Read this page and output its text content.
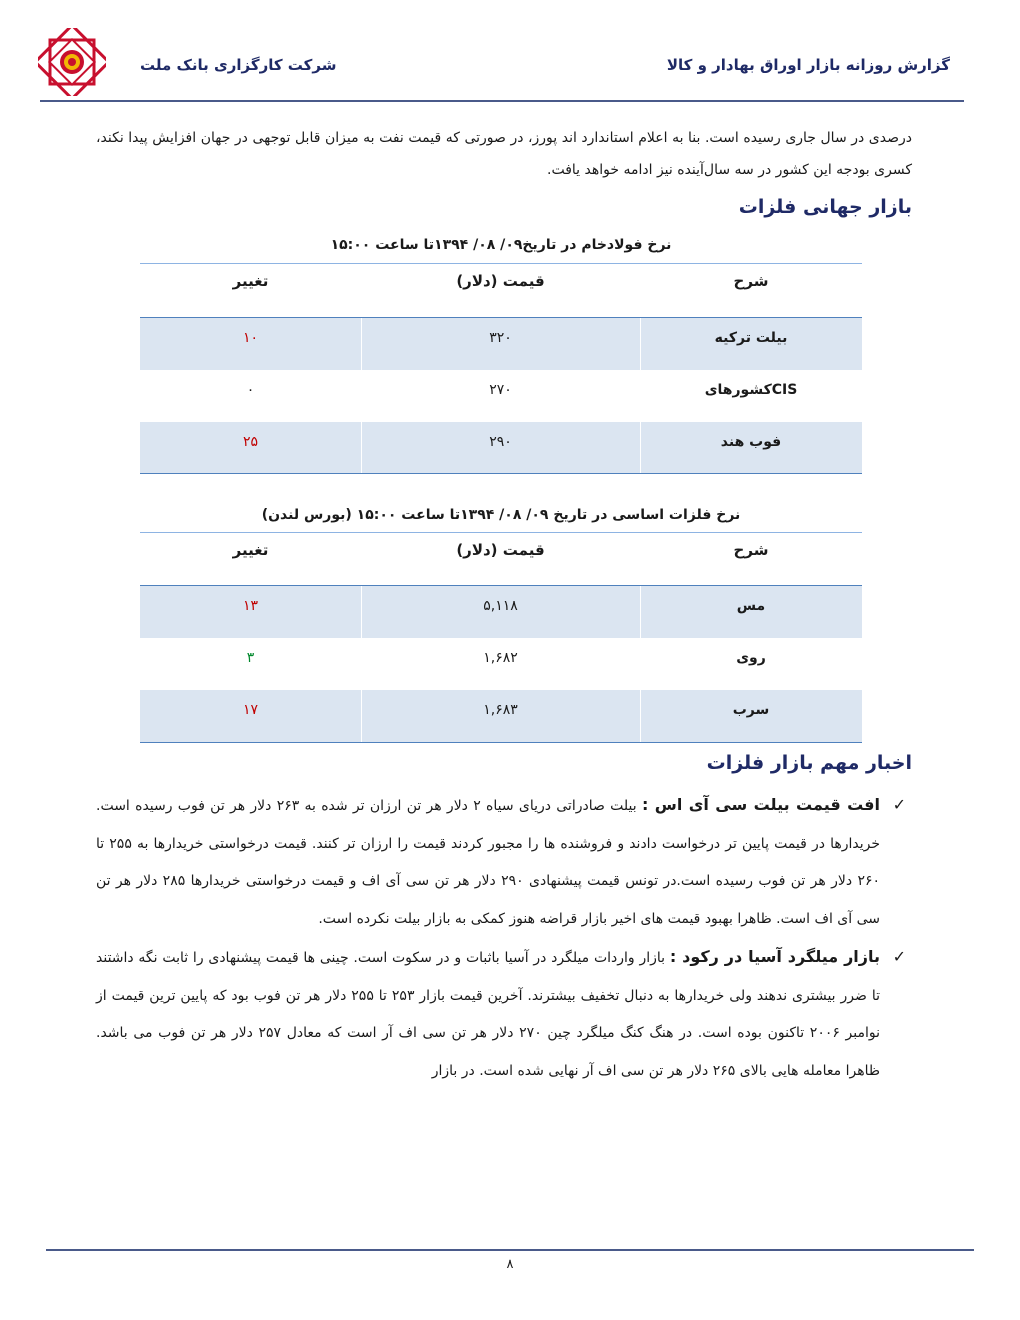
شرکت کارگزاری بانک ملت	گزارش روزانه بازار اوراق بهادار و کالا
درصدی در سال جاری رسیده است. بنا به اعلام استاندارد اند پورز، در صورتی که قیمت نفت به میزان قابل توجهی در جهان افزایش پیدا نکند، کسری بودجه این کشور در سه سال‌آینده نیز ادامه خواهد یافت.
بازار جهانی فلزات
نرخ فولادخام در تاریخ۰۹/ ۰۸/ ۱۳۹۴تا ساعت ۱۵:۰۰
شرح
قیمت (دلار)
تغییر
بیلت ترکیه
۳۲۰
۱۰
کشورهایCIS
۲۷۰
۰
فوب هند
۲۹۰
۲۵
نرخ فلزات اساسی در تاریخ ۰۹/ ۰۸/ ۱۳۹۴تا ساعت ۱۵:۰۰ (بورس لندن)
شرح
قیمت (دلار)
تغییر
مس
۵,۱۱۸
۱۳
روی
۱,۶۸۲
۳
سرب
۱,۶۸۳
۱۷
اخبار مهم بازار فلزات
✓
افت قیمت بیلت سی آی اس : بیلت صادراتی دریای سیاه ۲ دلار هر تن ارزان تر شده به ۲۶۳ دلار هر تن فوب رسیده است. خریدارها در قیمت پایین تر درخواست دادند و فروشنده ها را مجبور کردند قیمت را ارزان تر کنند. قیمت درخواستی خریدارها به ۲۵۵ تا ۲۶۰ دلار هر تن فوب رسیده است.در تونس قیمت پیشنهادی ۲۹۰ دلار هر تن سی آی اف و قیمت درخواستی خریدارها ۲۸۵ دلار هر تن سی آی اف است. ظاهرا بهبود قیمت های اخیر بازار قراضه هنوز کمکی به بازار بیلت نکرده است.
✓
بازار میلگرد آسیا در رکود : بازار واردات میلگرد در آسیا باثبات و در سکوت است. چینی ها قیمت پیشنهادی را ثابت نگه داشتند تا ضرر بیشتری ندهند ولی خریدارها به دنبال تخفیف بیشترند. آخرین قیمت بازار ۲۵۳ تا ۲۵۵ دلار هر تن فوب بود که پایین ترین قیمت از نوامبر ۲۰۰۶ تاکنون بوده است. در هنگ کنگ میلگرد چین ۲۷۰ دلار هر تن سی اف آر است که معادل ۲۵۷ دلار هر تن فوب می باشد. ظاهرا معامله هایی بالای ۲۶۵ دلار هر تن سی اف آر نهایی شده است. در بازار
۸
